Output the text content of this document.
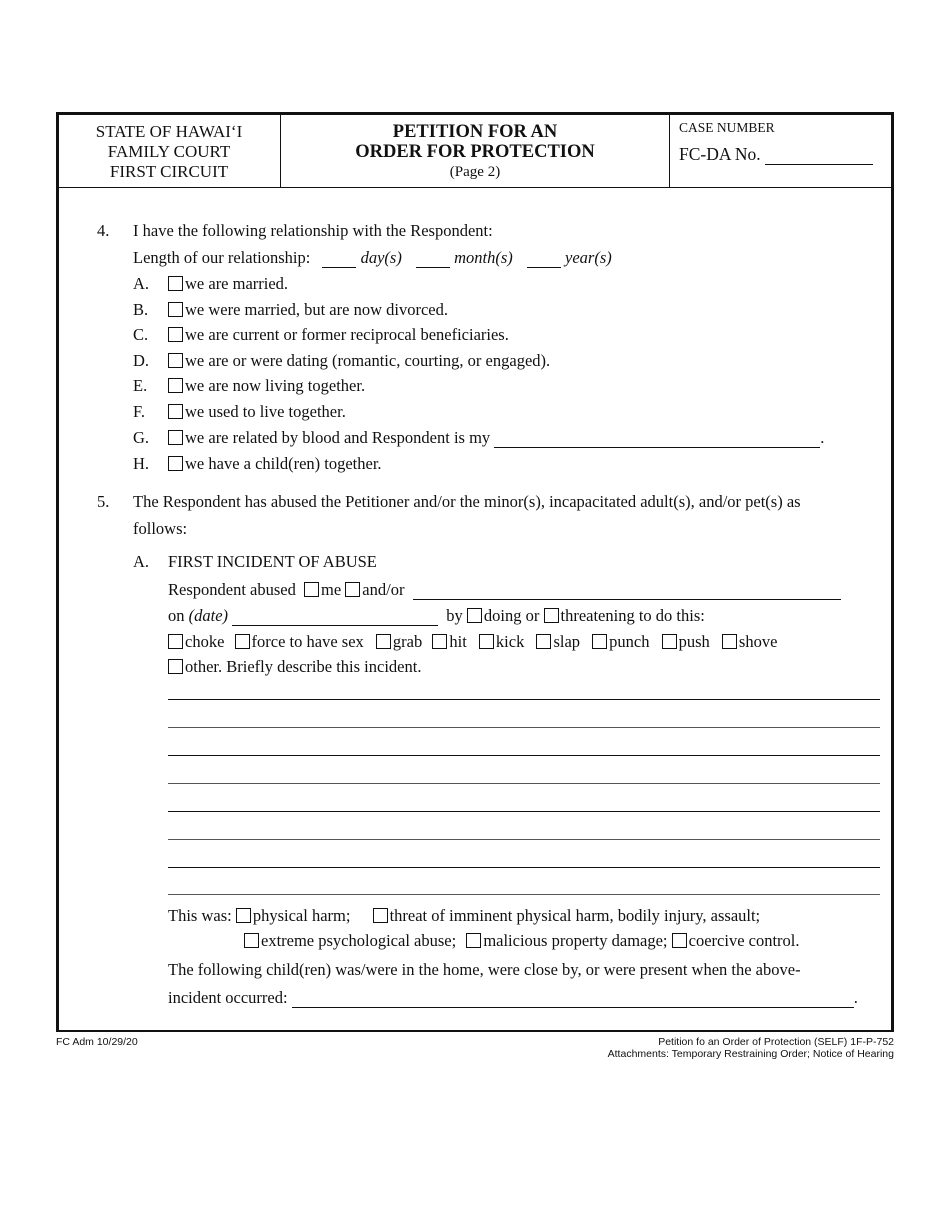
STATE OF HAWAI‘I
FAMILY COURT
FIRST CIRCUIT
PETITION FOR AN
ORDER FOR PROTECTION
(Page 2)
CASE NUMBER
FC-DA No.
4. I have the following relationship with the Respondent:
Length of our relationship:	day(s)	month(s)	year(s)
A. we are married.
B. we were married, but are now divorced.
C. we are current or former reciprocal beneficiaries.
D. we are or were dating (romantic, courting, or engaged).
E. we are now living together.
F. we used to live together.
G. we are related by blood and Respondent is my	.
H. we have a child(ren) together.
5. The Respondent has abused the Petitioner and/or the minor(s), incapacitated adult(s), and/or pet(s) as
follows:
A. FIRST INCIDENT OF ABUSE
Respondent abused me and/or
on (date)	by doing or threatening to do this:
choke force to have sex grab hit kick slap punch push shove
other. Briefly describe this incident.
This was: physical harm; threat of imminent physical harm, bodily injury, assault;
extreme psychological abuse; malicious property damage; coercive control.
The following child(ren) was/were in the home, were close by, or were present when the above-
incident occurred:	.
FC Adm 10/29/20	Petition fo an Order of Protection (SELF) 1F-P-752
Attachments: Temporary Restraining Order; Notice of Hearing
